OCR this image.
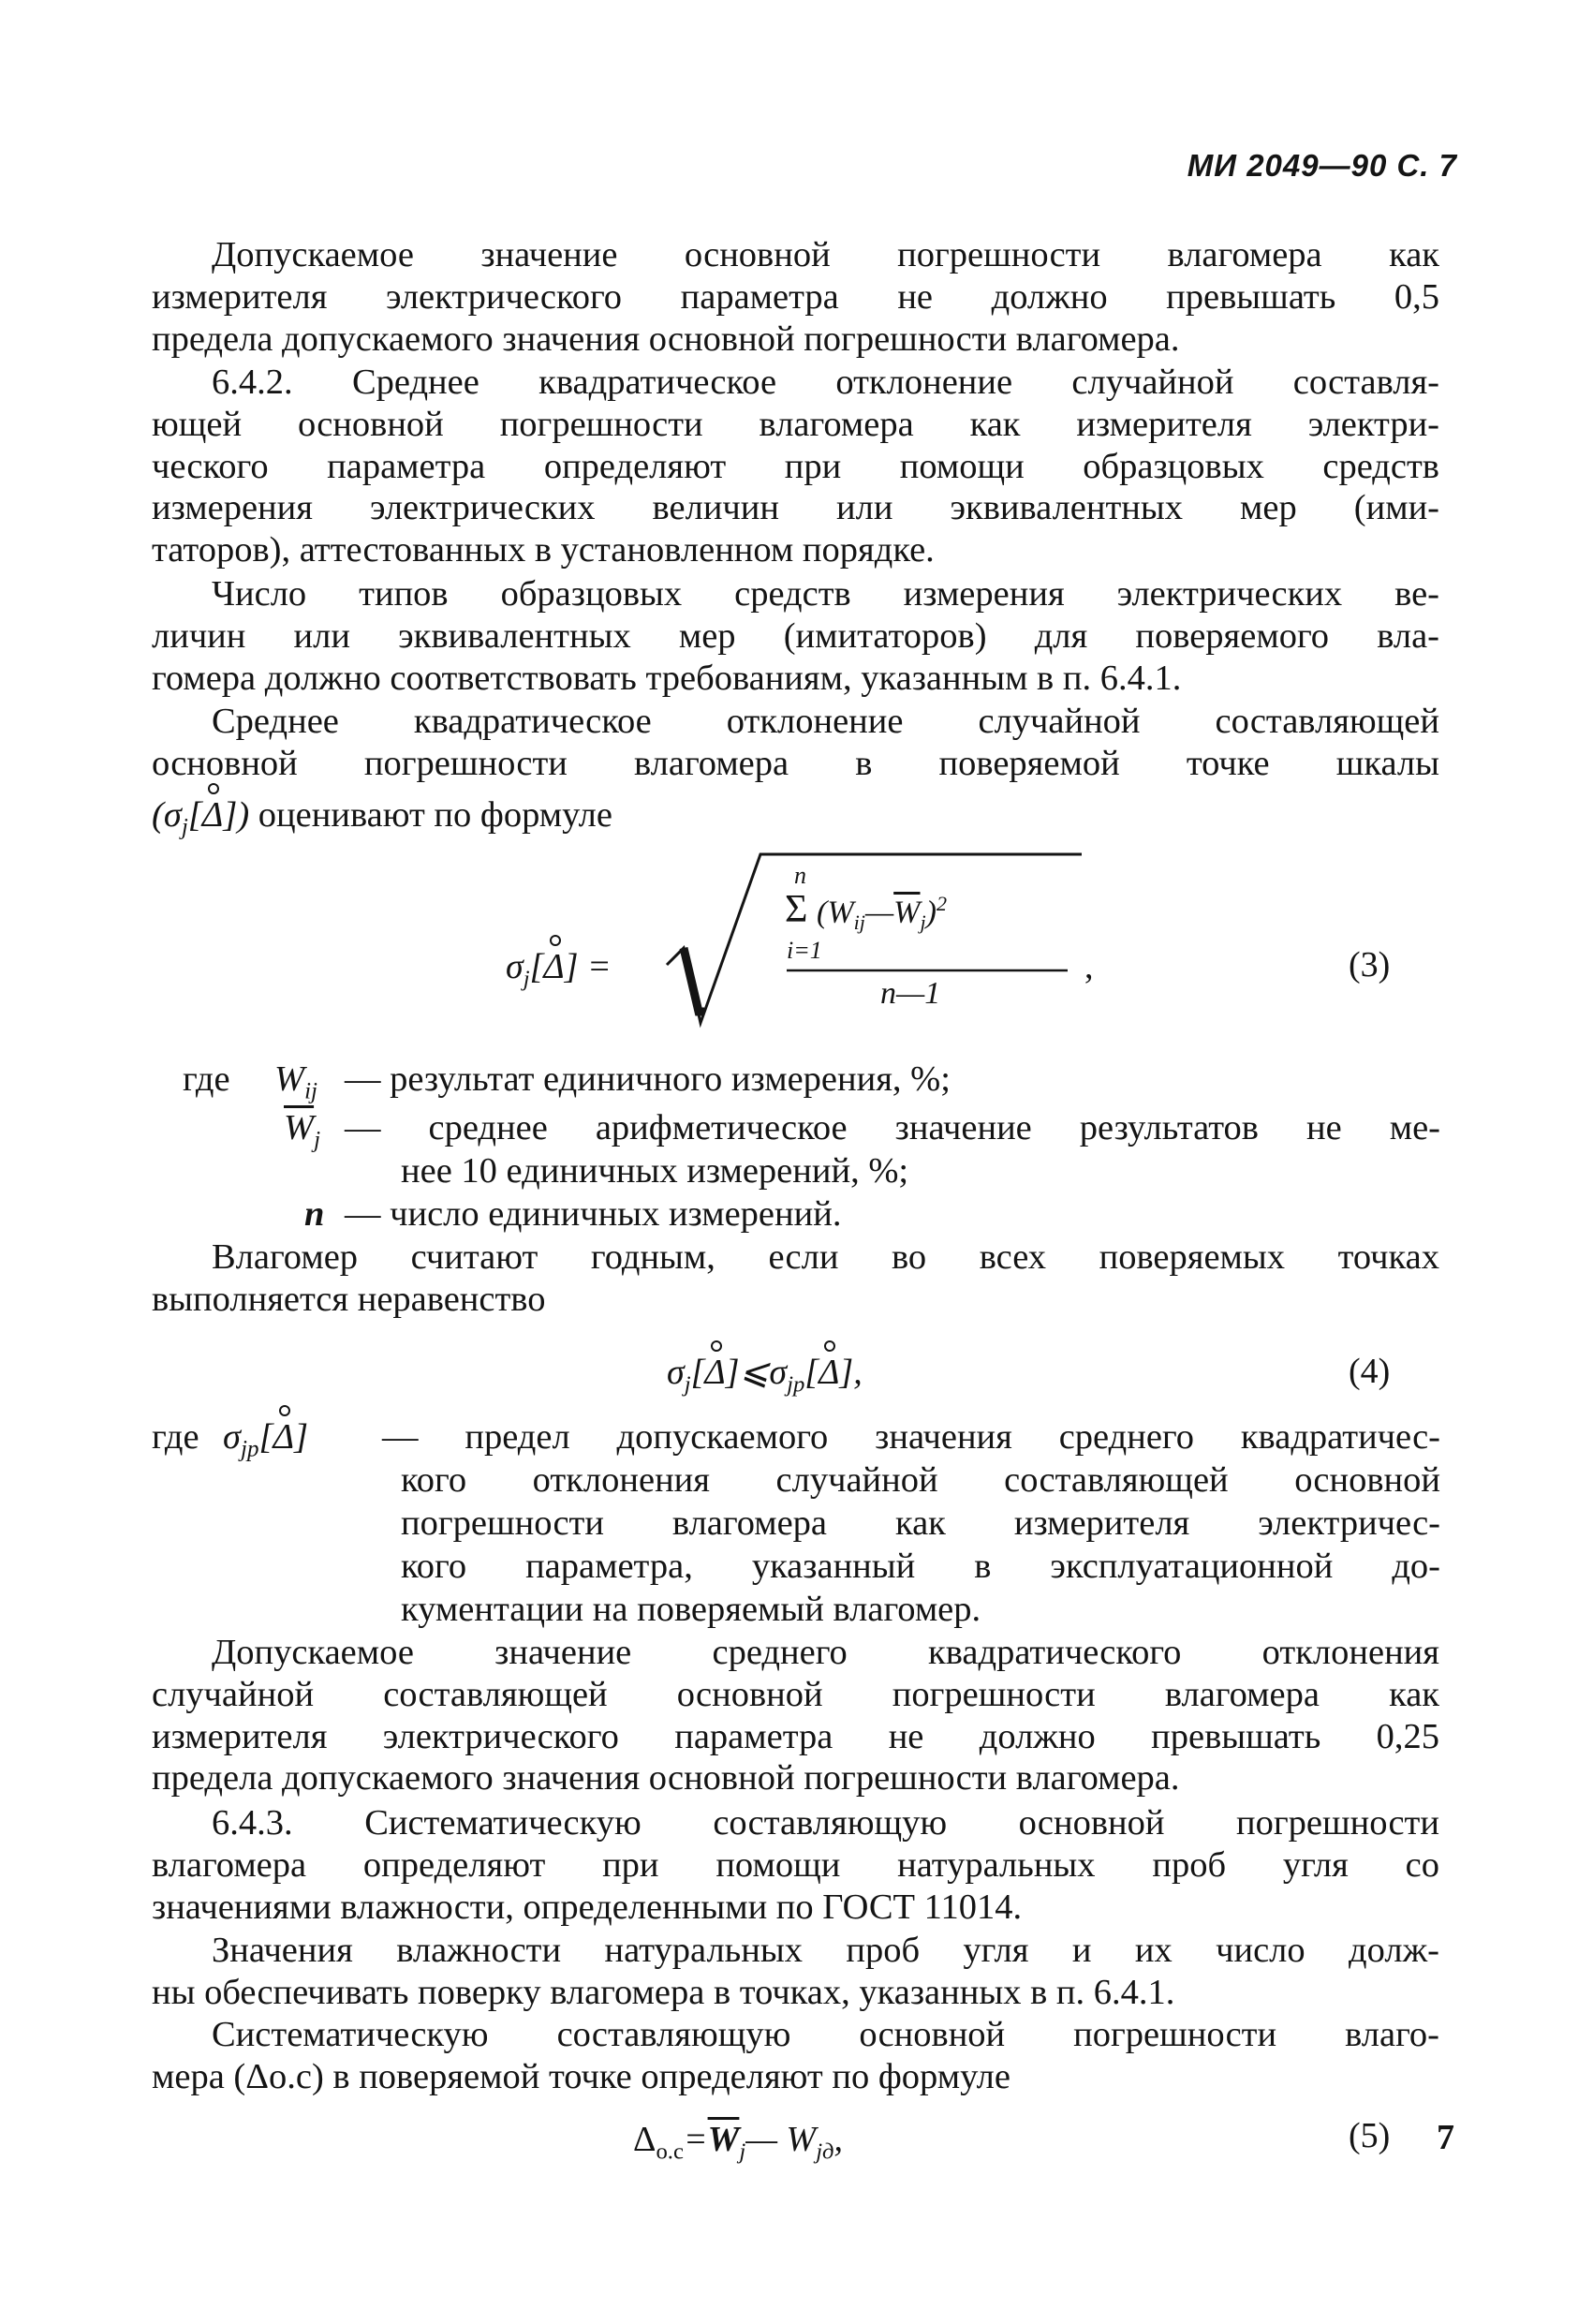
МИ 2049—90 С. 7
Допускаемое значение основной погрешности влагомера как
измерителя электрического параметра не должно превышать 0,5
предела допускаемого значения основной погрешности влагомера.
6.4.2. Среднее квадратическое отклонение случайной составля-
ющей основной погрешности влагомера как измерителя электри-
ческого параметра определяют при помощи образцовых средств
измерения электрических величин или эквивалентных мер (ими-
таторов), аттестованных в установленном порядке.
Число типов образцовых средств измерения электрических ве-
личин или эквивалентных мер (имитаторов) для поверяемого вла-
гомера должно соответствовать требованиям, указанным в п. 6.4.1.
Среднее квадратическое отклонение случайной составляющей
основной погрешности влагомера в поверяемой точке шкалы
$(\sigma_j[\Delta])$ оценивают по формуле
$\sigma_j[\Delta]$ =
n
Σ $(W_{ij}—\overline{W}_j)^2$
i=1
n—1
,	(3)
где $W_{ij}$ — результат единичного измерения, %;
$\overline{W}_j$ — среднее арифметическое значение результатов не ме-
нее 10 единичных измерений, %;
n — число единичных измерений.
Влагомер считают годным, если во всех поверяемых точках
выполняется неравенство
$\sigma_j[\Delta]⩽\sigma_{jp}[\Delta]$,	(4)
где $\sigma_{jp}[\Delta]$ — предел допускаемого значения среднего квадратичес-
кого отклонения случайной составляющей основной
погрешности влагомера как измерителя электричес-
кого параметра, указанный в эксплуатационной до-
кументации на поверяемый влагомер.
Допускаемое значение среднего квадратического отклонения
случайной составляющей основной погрешности влагомера как
измерителя электрического параметра не должно превышать 0,25
предела допускаемого значения основной погрешности влагомера.
6.4.3. Систематическую составляющую основной погрешности
влагомера определяют при помощи натуральных проб угля со
значениями влажности, определенными по ГОСТ 11014.
Значения влажности натуральных проб угля и их число долж-
ны обеспечивать поверку влагомера в точках, указанных в п. 6.4.1.
Систематическую составляющую основной погрешности влаго-
мера (Δо.с) в поверяемой точке определяют по формуле
$\Delta_{о.с}=\overline{W}_j—$ $W_{jд}$,	(5) 7
